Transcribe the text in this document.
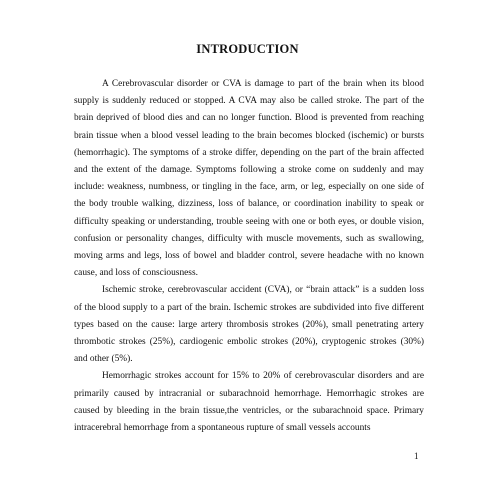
INTRODUCTION

A Cerebrovascular disorder or CVA is damage to part of the brain when its blood supply is suddenly reduced or stopped. A CVA may also be called stroke. The part of the brain deprived of blood dies and can no longer function. Blood is prevented from reaching brain tissue when a blood vessel leading to the brain becomes blocked (ischemic) or bursts (hemorrhagic). The symptoms of a stroke differ, depending on the part of the brain affected and the extent of the damage. Symptoms following a stroke come on suddenly and may include: weakness, numbness, or tingling in the face, arm, or leg, especially on one side of the body trouble walking, dizziness, loss of balance, or coordination inability to speak or difficulty speaking or understanding, trouble seeing with one or both eyes, or double vision, confusion or personality changes, difficulty with muscle movements, such as swallowing, moving arms and legs, loss of bowel and bladder control, severe headache with no known cause, and loss of consciousness.

Ischemic stroke, cerebrovascular accident (CVA), or “brain attack” is a sudden loss of the blood supply to a part of the brain. Ischemic strokes are subdivided into five different types based on the cause: large artery thrombosis strokes (20%), small penetrating artery thrombotic strokes (25%), cardiogenic embolic strokes (20%), cryptogenic strokes (30%) and other (5%).

Hemorrhagic strokes account for 15% to 20% of cerebrovascular disorders and are primarily caused by intracranial or subarachnoid hemorrhage. Hemorrhagic strokes are caused by bleeding in the brain tissue,the ventricles, or the subarachnoid space. Primary intracerebral hemorrhage from a spontaneous rupture of small vessels accounts

1
